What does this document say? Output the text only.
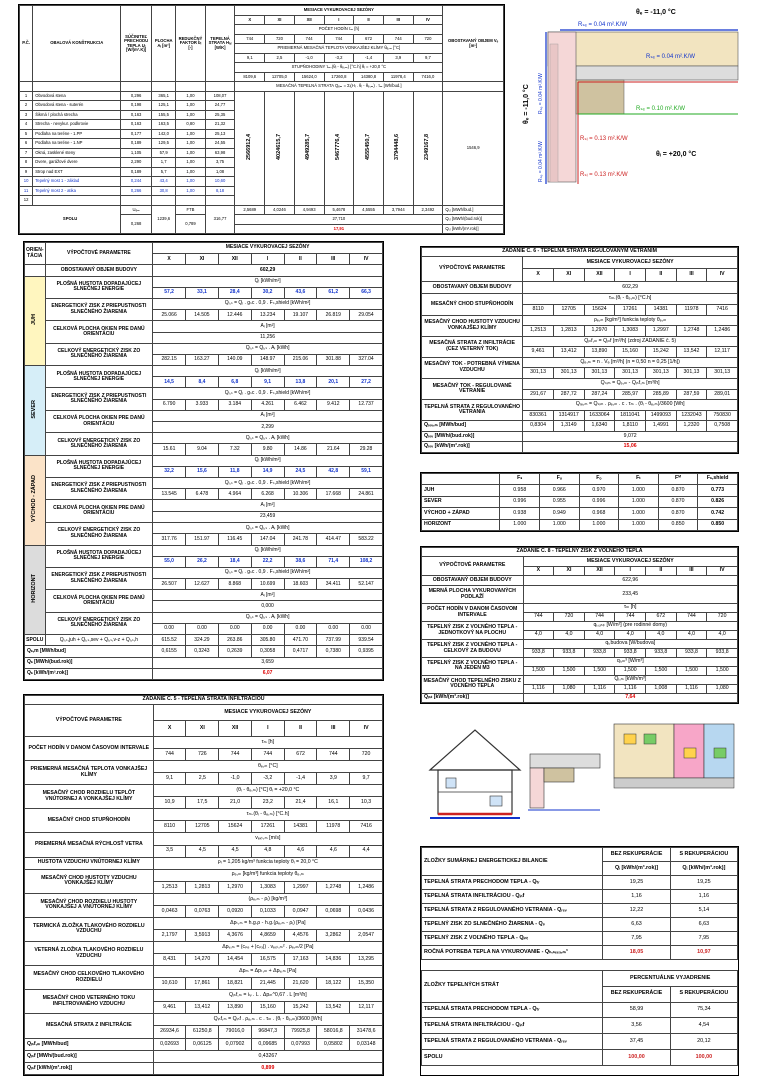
P.Č.	OBALOVÁ KONŠTRUKCIA	SÚČINITEĽ PRECHODU TEPLA Uᵢ [W/(m².K)]	PLOCHA Aᵢ [m²]	REDUKČNÝ FAKTOR bᵢ [-]	TEPELNÁ STRATA Hᵢ,ᵢ [W/K]	MESIACE VYKUROVACEJ SEZÓNY							OBOSTAVANÝ OBJEM Vₑ [m³]
						X	XI	XII	I	II	III	IV	
						POČET HODÍN τₘ [h]							
						744	720	744	744	672	744	720	
						PRIEMERNÁ MESAČNÁ TEPLOTA VONKAJŠEJ KLÍMY θₑ,ₘ [°C]							
						9,1	2,5	-1,0	-3,2	-1,4	3,9	9,7	
						STUPŇOHODINY τₘ.(θᵢ - θₑ,ₘ) [°C.h] θᵢ = +20,0 °C							
						8109,6	12705,0	15624,0	17260,8	14380,8	11978,4	7416,0	
						MESAČNÁ TEPELNÁ STRATA Qₑₘ = Σᵢ(Hᵢ . θᵢ - θₑ,ₘ) . τₘ [Wh/bud.]							
1	Obvodová stena	0,296	365,1	1,00	108,07	2566912,4	4024615,7	4949285,7	5467776,4	4555450,7	3794448,6	2349167,8	1546,9
2	Obvodová stena - suterén	0,198	125,1	1,00	24,77								
3	Šikmá / plochá strecha	0,163	155,5	1,00	25,35								
4	Strecha - nevykur. podkrovie	0,163	163,5	0,80	21,32								
5	Podlaha na teréne - 1.PP	0,177	142,0	1,00	25,13								
6	Podlaha na teréne - 1.NP	0,189	129,5	1,00	24,55								
7	Okná, zasklené steny	1,105	57,9	1,00	63,98								
8	Dvere, garážové dvere	2,290	1,7	1,00	3,75								
9	Strop nad EXT	0,189	5,7	1,00	1,08								
10	Tepelný most 1 - základ	0,244	43,4	1,00	10,60								
11	Tepelný most 2 - atika	0,266	30,8	1,00	8,18								
12													
SPOLU		Uₑₘ	1239,6	FTB	316,77	2,5689	4,0246	4,9493	5,4678	4,5555	3,7944	2,3492	Qₜᵣ [MWh/bud.]
		0,268		0,789		27,710							Qₜᵣ [MWh/(bud.rok)]
						17,91							Qₜᵣ [kWh/(m³.rok)]
θₑ = -11,0 °C
θᵢ = +20,0 °C
θₑ = -11,0 °C
Rₛₑ = 0.04 m².K/W
Rₛₑ = 0.04 m².K/W
Rₛₑ = 0.10 m².K/W
Rₛᵢ = 0.13 m².K/W
Rₛᵢ = 0.13 m².K/W
Rₛₑ = 0.04 m².K/W
Rₛₑ = 0.04 m².K/W
ORIEN-TÁCIA	VÝPOČTOVÉ PARAMETRE	MESIACE VYKUROVACEJ SEZÓNY						
		X	XI	XII	I	II	III	IV
	OBOSTAVANÝ OBJEM BUDOVY	602,29						
JUH	PLOŠNÁ HUSTOTA DOPADAJÚCEJ SLNEČNEJ ENERGIE	Qᵢ [kWh/m²]						
		57,2	33,1	28,4	30,2	43,6	61,2	66,3
	ENERGETICKÝ ZISK Z PRIEPUSTNOSTI SLNEČNÉHO ŽIARENIA	Qᵢ,ₛ = Qᵢ . gₛc . 0,9 . Fₛ,shield [kWh/m²]						
		25.066	14.505	12.446	13.234	19.107	26.819	29.054
	CELKOVÁ PLOCHA OKIEN PRE DANÚ ORIENTÁCIU	Aᵢ [m²]						
		11,256						
	CELKOVÝ ENERGETICKÝ ZISK ZO SLNEČNÉHO ŽIARENIA	Qᵢ,ₛ = Qᵢ,ₛ . Aᵢ [kWh]						
		282.15	163.27	140.09	148.97	215.06	301.88	327.04
SEVER	PLOŠNÁ HUSTOTA DOPADAJÚCEJ SLNEČNEJ ENERGIE	Qᵢ [kWh/m²]						
		14,5	8,4	6,8	9,1	13,8	20,1	27,2
	ENERGETICKÝ ZISK Z PRIEPUSTNOSTI SLNEČNÉHO ŽIARENIA	Qᵢ,ₛ = Qᵢ . gₛc . 0,9 . Fₛ,shield [kWh/m²]						
		6.790	3.933	3.184	4.261	6.462	9.412	12.737
	CELKOVÁ PLOCHA OKIEN PRE DANÚ ORIENTÁCIU	Aᵢ [m²]						
		2,299						
	CELKOVÝ ENERGETICKÝ ZISK ZO SLNEČNÉHO ŽIARENIA	Qᵢ,ₛ = Qᵢ,ₛ . Aᵢ [kWh]						
		15.61	9.04	7.32	9.80	14.86	21.64	29.28
VÝCHOD - ZÁPAD	PLOŠNÁ HUSTOTA DOPADAJÚCEJ SLNEČNEJ ENERGIE	Qᵢ [kWh/m²]						
		32,2	15,6	11,8	14,9	24,5	42,8	59,1
	ENERGETICKÝ ZISK Z PRIEPUSTNOSTI SLNEČNÉHO ŽIARENIA	Qᵢ,ₛ = Qᵢ . gₛc . 0,9 . Fₛ,shield [kWh/m²]						
		13.545	6.478	4.964	6.268	10.306	17.668	24.861
	CELKOVÁ PLOCHA OKIEN PRE DANÚ ORIENTÁCIU	Aᵢ [m²]						
		23,459						
	CELKOVÝ ENERGETICKÝ ZISK ZO SLNEČNÉHO ŽIARENIA	Qᵢ,ₛ = Qᵢ,ₛ . Aᵢ [kWh]						
		317.76	151.97	116.45	147.04	241.78	414.47	583.22
HORIZONT	PLOŠNÁ HUSTOTA DOPADAJÚCEJ SLNEČNEJ ENERGIE	Qᵢ [kWh/m²]						
		55,0	26,2	18,4	22,2	38,6	71,4	108,2
	ENERGETICKÝ ZISK Z PRIEPUSTNOSTI SLNEČNÉHO ŽIARENIA	Qᵢ,ₛ = Qᵢ . gₛc . 0,9 . Fₛ,shield [kWh/m²]						
		26.507	12.627	8.868	10.699	18.603	34.411	52.147
	CELKOVÁ PLOCHA OKIEN PRE DANÚ ORIENTÁCIU	Aᵢ [m²]						
		0,000						
	CELKOVÝ ENERGETICKÝ ZISK ZO SLNEČNÉHO ŽIARENIA	Qᵢ,ₛ = Qᵢ,ₛ . Aᵢ [kWh]						
		0.00	0.00	0.00	0.00	0.00	0.00	0.00
SPOLU	Qᵢ,ₛ,juh + Qᵢ,ₛ,sev + Qᵢ,ₛ,v-z + Qᵢ,ₛ,h	615.52	324.29	263.86	305.80	471.70	737.99	939.54
Qₛ,m [MWh/bud]		0,6155	0,3243	0,2639	0,3058	0,4717	0,7380	0,9395
Qₛ [MWh/(bud.rok)]		3,659						
Qₛ [kWh/(m³.rok)]		6,07						
ZADANIE Č. 6 - TEPELNÁ STRATA REGULOVANÝM VETRANÍM							
VÝPOČTOVÉ PARAMETRE	MESIACE VYKUROVACEJ SEZÓNY						
	X	XI	XII	I	II	III	IV
OBOSTAVANÝ OBJEM BUDOVY	602,29						
MESAČNÝ CHOD STUPŇOHODÍN	τₘ.(θᵢ - θₑ,ₘ) [°C.h]						
	8110	12705	15624	17261	14381	11978	7416
MESAČNÝ CHOD HUSTOTY VZDUCHU VONKAJŠEJ KLÍMY	ρₑ,ₘ [kg/m³] funkcia teploty θₑ,ₘ						
	1,2513	1,2813	1,2970	1,3083	1,2997	1,2748	1,2486
MESAČNÁ STRATA Z INFILTRÁCIE (CEZ VETERNÝ TOK)	Qᵢₙf,ₘ = Qᵢₙf [m³/h] (zdroj ZADANIE č. 5)						
	9,461	13,412	13,890	15,160	15,242	13,542	12,117
MESAČNÝ TOK - POTREBNÁ VÝMENA VZDUCHU	Qₑ,ₘ = n . Vₑ [m³/h] (n = 0,50 n = 0,25 [1/h])						
	301,13	301,13	301,13	301,13	301,13	301,13	301,13
MESAČNÝ TOK - REGULOVANÉ VETRANIE	Qₛᵢₘ = Qₑ,ₘ - Qᵢₙf,ₘ [m³/h]						
	291,67	287,72	287,24	285,97	285,89	287,59	289,01
TEPELNÁ STRATA Z REGULOVANÉHO VETRANIA	Qᵣₑ,ₘ = Qₛᵢₘ . ρₑ,ₘ . c . τₘ . (θᵢ - θₑ,ₘ)/3600 [Wh]						
	830361	1314917	1633064	1811041	1499093	1232043	750830
Qᵣₑᵥ,ₘ [MWh/bud]	0,8304	1,3149	1,6340	1,8110	1,4991	1,2320	0,7508
Qᵣₑᵥ [MWh/(bud.rok)]	9,072						
Qᵣₑᵥ [kWh/(m³.rok)]	15,06						
	Fₛ	Fᵤ	Fₒ	Fₜ	Fᴹ	Fₛ,shield
JUH	0.958	0.966	0.970	1.000	0.870	0.773
SEVER	0.996	0.955	0.996	1.000	0.870	0.826
VÝCHOD + ZÁPAD	0.938	0.949	0.968	1.000	0.870	0.742
HORIZONT	1.000	1.000	1.000	1.000	0.850	0.850
ZADANIE Č. 8 - TEPELNÝ ZISK Z VOĽNÉHO TEPLA							
VÝPOČTOVÉ PARAMETRE	MESIACE VYKUROVACEJ SEZÓNY						
	X	XI	XII	I	II	III	IV
OBOSTAVANÝ OBJEM BUDOVY	622,96						
MERNÁ PLOCHA VYKUROVANÝCH PODLAŽÍ	233,45						
POČET HODÍN V DANOM ČASOVOM INTERVALE	τₘ [h]						
	744	720	744	744	672	744	720
TEPELNÝ ZISK Z VOĽNÉHO TEPLA - JEDNOTKOVÝ NA PLOCHU	qᵢ,ᵤₙᵢₜ [W/m²] (pre rodinné domy)						
	4,0	4,0	4,0	4,0	4,0	4,0	4,0
TEPELNÝ ZISK Z VOĽNÉHO TEPLA - CELKOVÝ ZA BUDOVU	qᵢ,budova [W/budova]						
	933,8	933,8	933,8	933,8	933,8	933,8	933,8
TEPELNÝ ZISK Z VOĽNÉHO TEPLA - NA JEDEN M3	qᵢ,ₘ³ [W/m³]						
	1,500	1,500	1,500	1,500	1,500	1,500	1,500
MESAČNÝ CHOD TEPELNÉHO ZISKU Z VOĽNÉHO TEPLA	Qᵢ,ₘ [kWh/m³]						
	1,116	1,080	1,116	1,116	1,008	1,116	1,080
Qᵢₙₜ [kWh/(m³.rok)]	7,64						
ZADANIE Č. 5 - TEPELNÁ STRATA INFILTRÁCIOU							
VÝPOČTOVÉ PARAMETRE	MESIACE VYKUROVACEJ SEZÓNY						
	X	XI	XII	I	II	III	IV
POČET HODÍN V DANOM ČASOVOM INTERVALE	τₘ [h]						
	744	726	744	744	672	744	720
PRIEMERNÁ MESAČNÁ TEPLOTA VONKAJŠEJ KLÍMY	θₑ,ₘ [°C]						
	9,1	2,5	-1,0	-3,2	-1,4	3,9	9,7
MESAČNÝ CHOD ROZDIELU TEPLÔT VNÚTORNEJ A VONKAJŠEJ KLÍMY	(θᵢ - θₑ,ₘ) [°C] θᵢ = +20,0 °C						
	10,9	17,5	21,0	23,2	21,4	16,1	10,3
MESAČNÝ CHOD STUPŇOHODÍN	τₘ.(θᵢ - θₑ,ₘ) [°C.h]						
	8110	12705	15624	17261	14381	11978	7416
PRIEMERNÁ MESAČNÁ RÝCHLOSŤ VETRA	vₑₓₜ,ₘ [m/s]						
	3,5	4,5	4,5	4,8	4,6	4,6	4,4
HUSTOTA VZDUCHU VNÚTORNEJ KLÍMY	ρᵢ = 1,205 kg/m³ funkcia teploty θᵢ = 20,0 °C						
MESAČNÝ CHOD HUSTOTY VZDUCHU VONKAJŠEJ KLÍMY	ρₑ,ₘ [kg/m³] funkcia teploty θₑ,ₘ						
	1,2513	1,2813	1,2970	1,3083	1,2997	1,2748	1,2486
MESAČNÝ CHOD ROZDIELU HUSTOTY VONKAJŠEJ A VNÚTORNEJ KLÍMY	(ρₑ,ₘ - ρᵢ) [kg/m³]						
	0,0463	0,0763	0,0920	0,1033	0,0947	0,0698	0,0436
TERMICKÁ ZLOŽKA TLAKOVÉHO ROZDIELU VZDUCHU	Δpₜ,ₘ = h.g.ρ - h.g.(ρₑ,ₘ - ρᵢ) [Pa]						
	2,1797	3,5913	4,3676	4,8659	4,4576	3,2862	2,0547
VETERNÁ ZLOŽKA TLAKOVÉHO ROZDIELU VZDUCHU	Δpᵥ,ₘ = (cₚₑ + |cₚₓ|) . vₑₓₜ,ₘ² . ρₑ,ₘ/2 [Pa]						
	8,431	14,270	14,454	16,575	17,163	14,836	13,295
MESAČNÝ CHOD CELKOVÉHO TLAKOVÉHO ROZDIELU	Δpₘ = Δpₜ,ₘ + Δpᵥ,ₘ [Pa]						
	10,610	17,861	18,821	21,445	21,620	18,122	15,350
MESAČNÝ CHOD VETERNÉHO TOKU INFILTROVANÉHO VZDUCHU	Qᵢₙf,ₘ = iₗᵥ . L . Δpₘ^0,67 . L [m³/h]						
	9,461	13,412	13,890	15,160	15,242	13,542	12,117
MESAČNÁ STRATA Z INFILTRÁCIE	Qᵢₙf,ₘ = Qᵢₙf . ρₑ,ₘ . c . τₘ . (θᵢ - θₑ,ₘ)/3600 [Wh]						
	26934,6	61250,8	79016,0	96847,3	79925,8	58016,8	31478,6
Qᵢₙf,ₘ [MWh/bud]	0,02693	0,06125	0,07902	0,09685	0,07993	0,05802	0,03148
Qᵢₙf [MWh/(bud.rok)]	0,43267						
Qᵢₙf [kWh/(m³.rok)]	0,899						
ZLOŽKY SUMÁRNEJ ENERGETICKEJ BILANCIE	BEZ REKUPERÁCIE	S REKUPERÁCIOU
	Qᵢ [kWh/(m³.rok)]	Qᵢ [kWh/(m³.rok)]
TEPELNÁ STRATA PRECHODOM TEPLA - Qₜᵣ	19,25	19,25
TEPELNÁ STRATA INFILTRÁCIOU - Qᵢₙf	1,16	1,16
TEPELNÁ STRATA Z REGULOVANÉHO VETRANIA - Qᵣₑᵥ	12,22	5,14
TEPELNÝ ZISK ZO SLNEČNÉHO ŽIARENIA - Qₛ	6,63	6,63
TEPELNÝ ZISK Z VOĽNÉHO TEPLA - Qᵢₙₜ	7,95	7,95
ROČNÁ POTREBA TEPLA NA VYKUROVANIE - Qₕ,ₙₑₑₔ,ₘ³	18,05	10,97
ZLOŽKY TEPELNÝCH STRÁT	PERCENTUÁLNE VYJADRENIE	
	BEZ REKUPERÁCIE	S REKUPERÁCIOU
TEPELNÁ STRATA PRECHODOM TEPLA - Qₜᵣ	58,99	75,34
TEPELNÁ STRATA INFILTRÁCIOU - Qᵢₙf	3,56	4,54
TEPELNÁ STRATA Z REGULOVANÉHO VETRANIA - Qᵣₑᵥ	37,45	20,12
SPOLU	100,00	100,00
